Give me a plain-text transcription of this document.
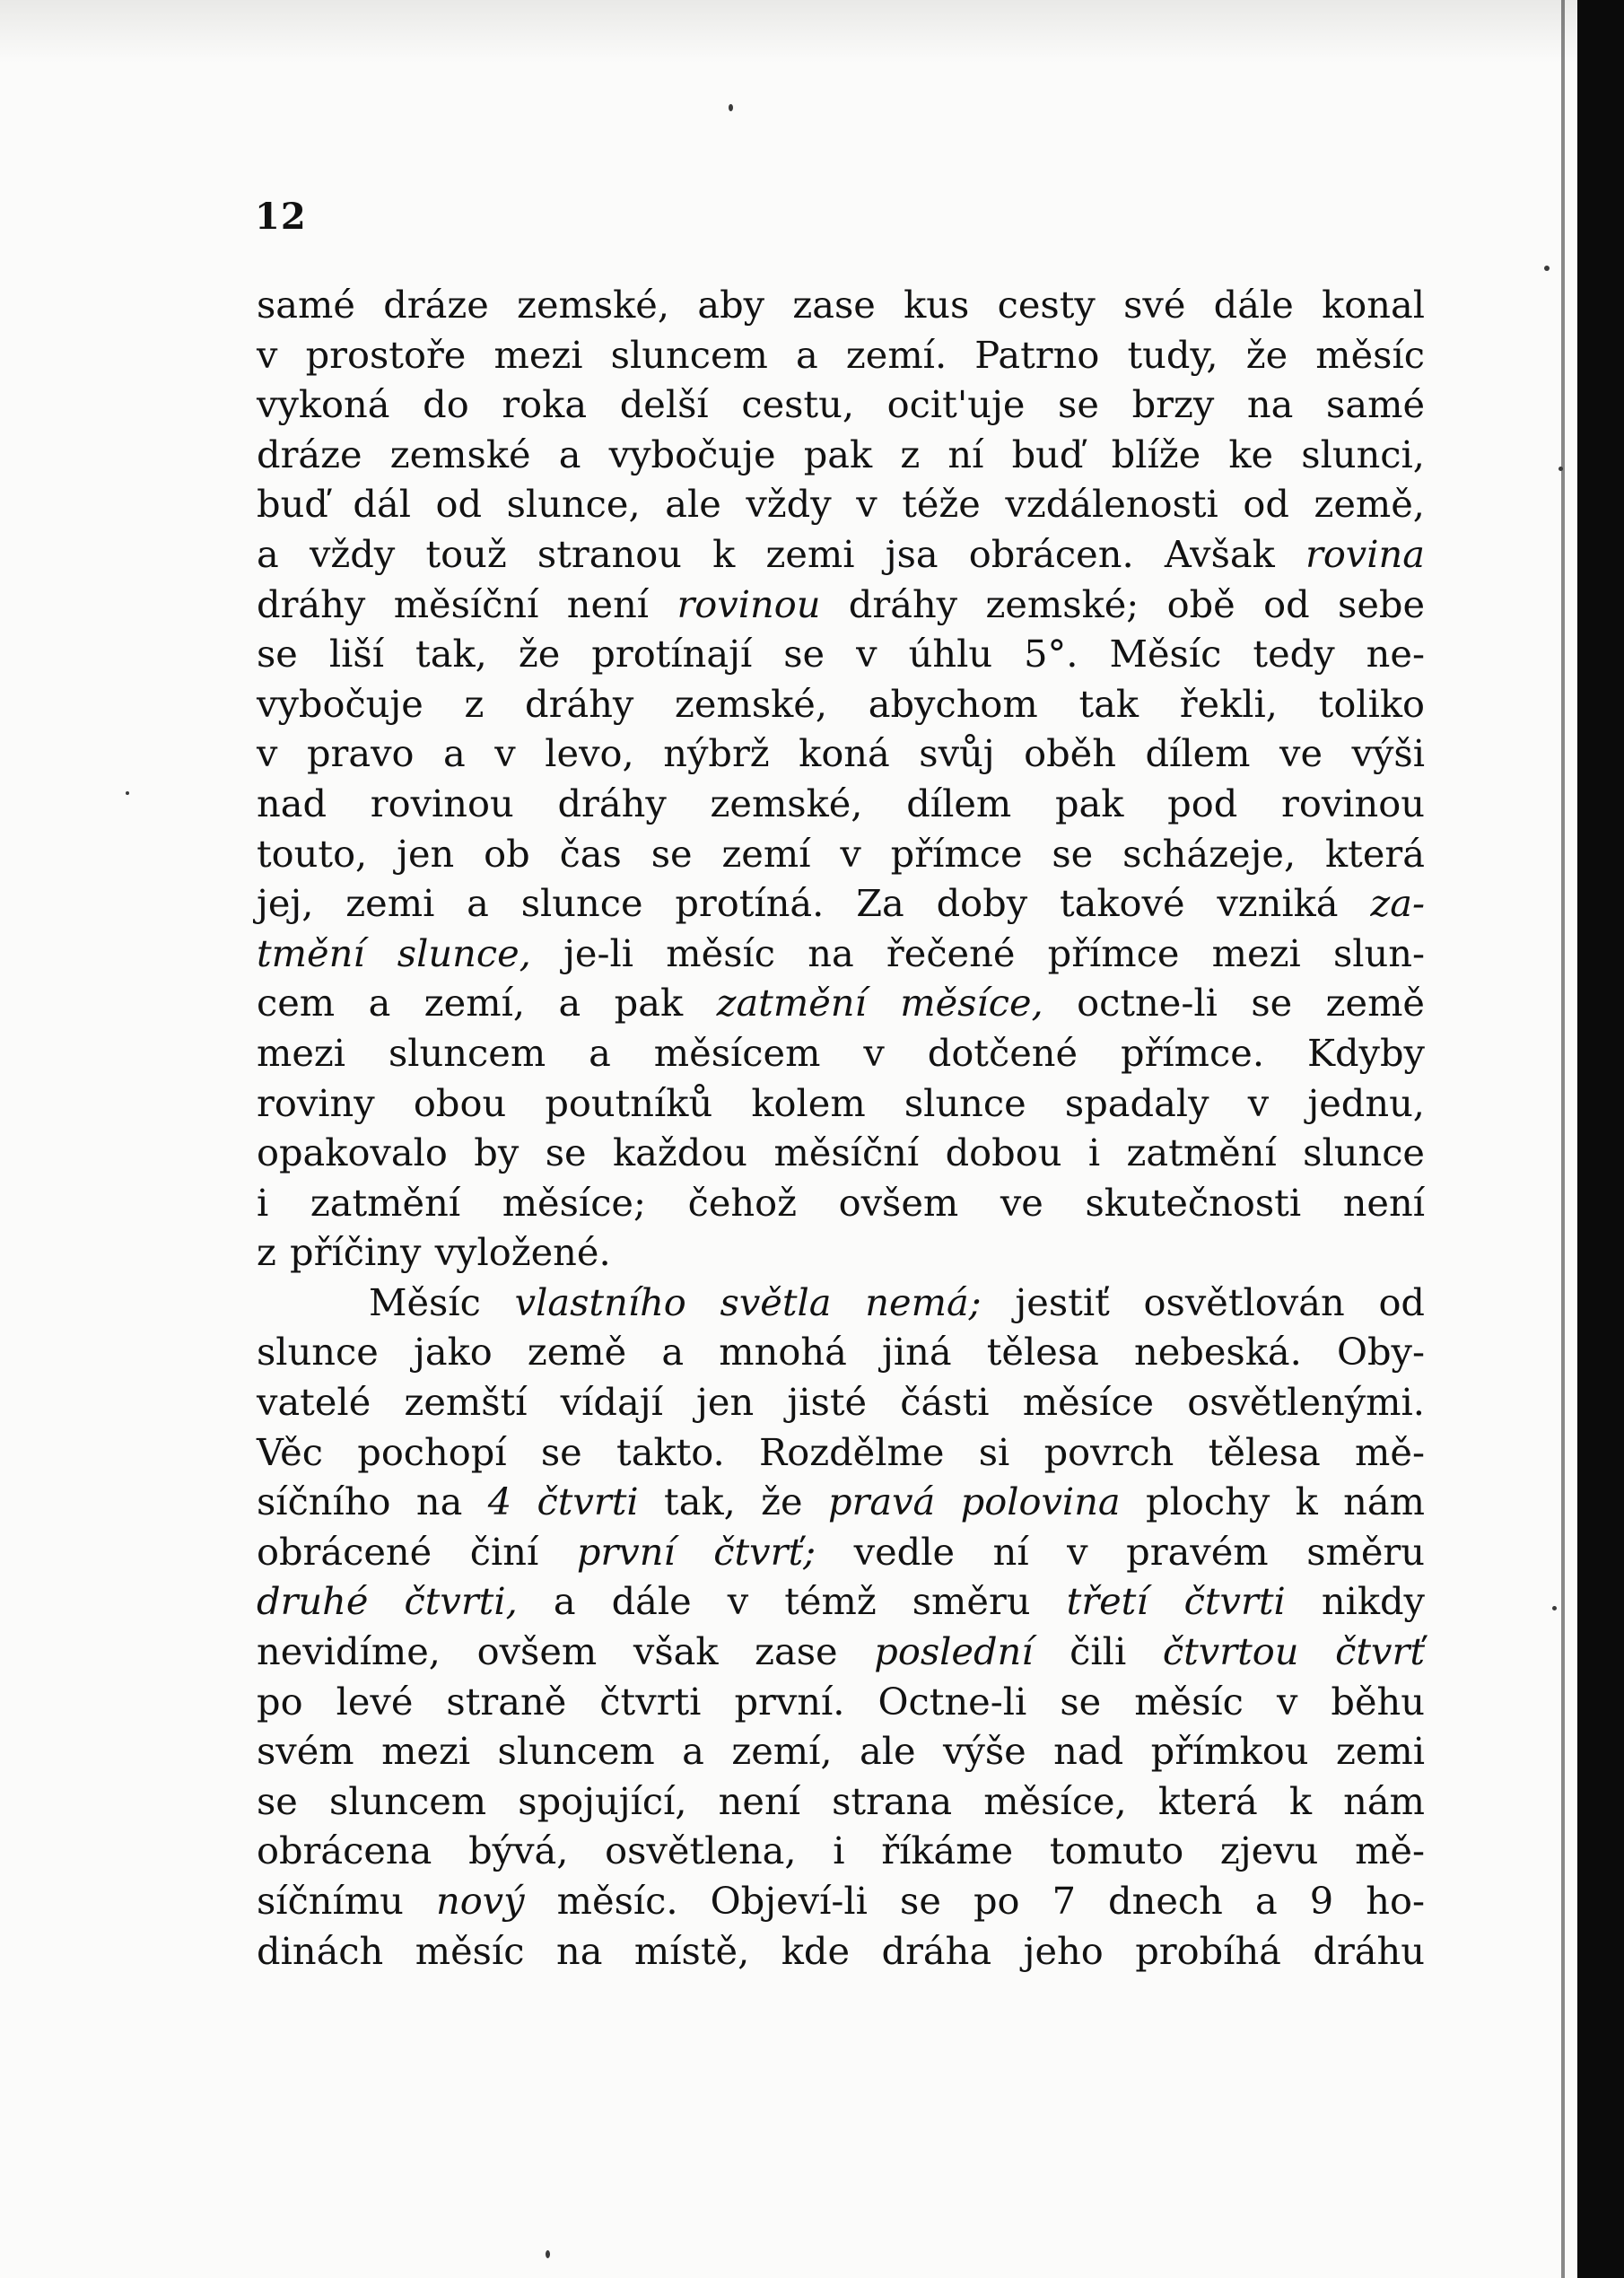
12
samé dráze zemské, aby zase kus cesty své dále konal
v prostoře mezi sluncem a zemí. Patrno tudy, že měsíc
vykoná do roka delší cestu, ocit'uje se brzy na samé
dráze zemské a vybočuje pak z ní buď blíže ke slunci,
buď dál od slunce, ale vždy v téže vzdálenosti od země,
a vždy touž stranou k zemi jsa obrácen. Avšak rovina
dráhy měsíční není rovinou dráhy zemské; obě od sebe
se liší tak, že protínají se v úhlu 5°. Měsíc tedy ne-
vybočuje z dráhy zemské, abychom tak řekli, toliko
v pravo a v levo, nýbrž koná svůj oběh dílem ve výši
nad rovinou dráhy zemské, dílem pak pod rovinou
touto, jen ob čas se zemí v přímce se scházeje, která
jej, zemi a slunce protíná. Za doby takové vzniká za-
tmění slunce, je-li měsíc na řečené přímce mezi slun-
cem a zemí, a pak zatmění měsíce, octne-li se země
mezi sluncem a měsícem v dotčené přímce. Kdyby
roviny obou poutníků kolem slunce spadaly v jednu,
opakovalo by se každou měsíční dobou i zatmění slunce
i zatmění měsíce; čehož ovšem ve skutečnosti není
z příčiny vyložené.
Měsíc vlastního světla nemá; jestiť osvětlován od
slunce jako země a mnohá jiná tělesa nebeská. Oby-
vatelé zemští vídají jen jisté části měsíce osvětlenými.
Věc pochopí se takto. Rozdělme si povrch tělesa mě-
síčního na 4 čtvrti tak, že pravá polovina plochy k nám
obrácené činí první čtvrť; vedle ní v pravém směru
druhé čtvrti, a dále v témž směru třetí čtvrti nikdy
nevidíme, ovšem však zase poslední čili čtvrtou čtvrť
po levé straně čtvrti první. Octne-li se měsíc v běhu
svém mezi sluncem a zemí, ale výše nad přímkou zemi
se sluncem spojující, není strana měsíce, která k nám
obrácena bývá, osvětlena, i říkáme tomuto zjevu mě-
síčnímu nový měsíc. Objeví-li se po 7 dnech a 9 ho-
dinách měsíc na místě, kde dráha jeho probíhá dráhu
